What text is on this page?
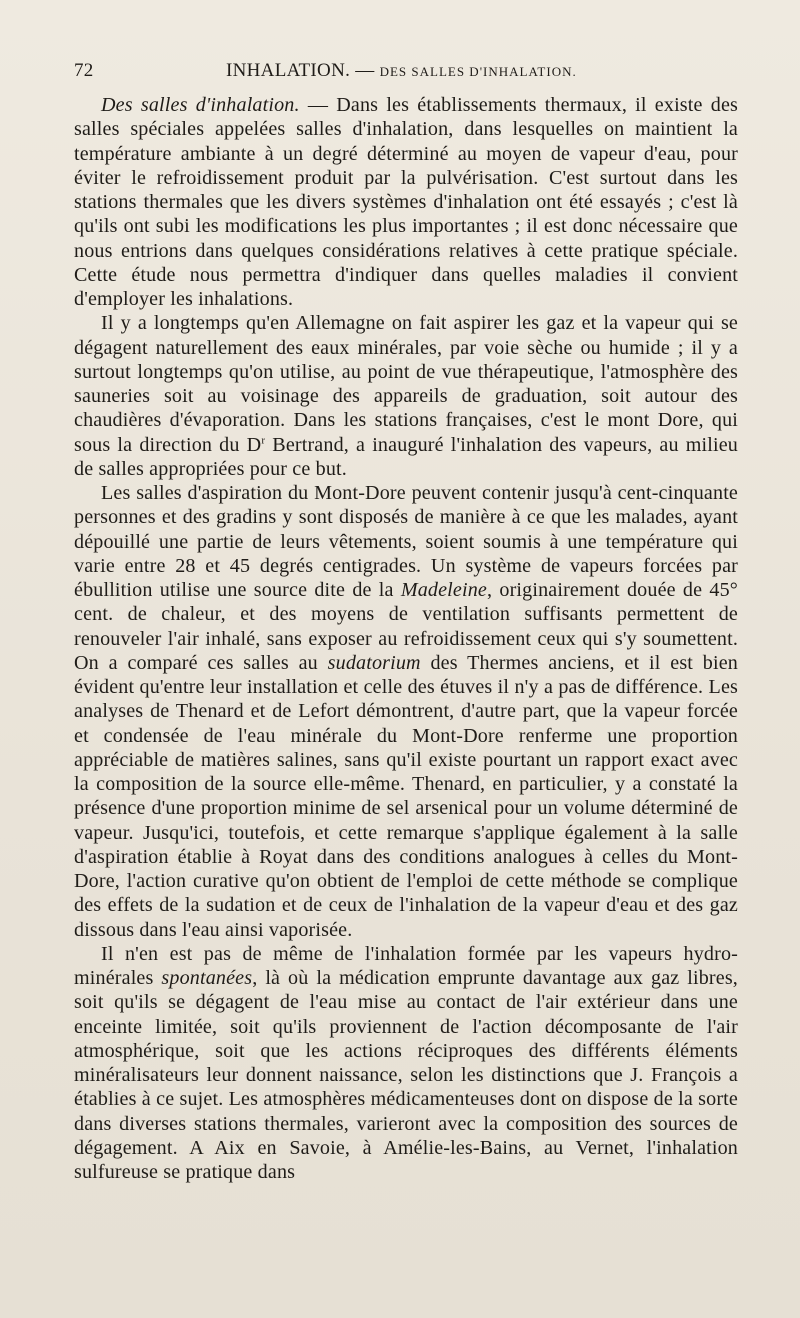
72	INHALATION. — DES SALLES D'INHALATION.

Des salles d'inhalation. — Dans les établissements thermaux, il existe des salles spéciales appelées salles d'inhalation, dans lesquelles on maintient la température ambiante à un degré déterminé au moyen de vapeur d'eau, pour éviter le refroidissement produit par la pulvérisation. C'est surtout dans les stations thermales que les divers systèmes d'inhalation ont été essayés ; c'est là qu'ils ont subi les modifications les plus importantes ; il est donc nécessaire que nous entrions dans quelques considérations relatives à cette pratique spéciale. Cette étude nous permettra d'indiquer dans quelles maladies il convient d'employer les inhalations.

Il y a longtemps qu'en Allemagne on fait aspirer les gaz et la vapeur qui se dégagent naturellement des eaux minérales, par voie sèche ou humide ; il y a surtout longtemps qu'on utilise, au point de vue thérapeutique, l'atmosphère des sauneries soit au voisinage des appareils de graduation, soit autour des chaudières d'évaporation. Dans les stations françaises, c'est le mont Dore, qui sous la direction du $D^r$ Bertrand, a inauguré l'inhalation des vapeurs, au milieu de salles appropriées pour ce but.

Les salles d'aspiration du Mont-Dore peuvent contenir jusqu'à cent-cinquante personnes et des gradins y sont disposés de manière à ce que les malades, ayant dépouillé une partie de leurs vêtements, soient soumis à une température qui varie entre 28 et 45 degrés centigrades. Un système de vapeurs forcées par ébullition utilise une source dite de la Madeleine, originairement douée de 45° cent. de chaleur, et des moyens de ventilation suffisants permettent de renouveler l'air inhalé, sans exposer au refroidissement ceux qui s'y soumettent. On a comparé ces salles au sudatorium des Thermes anciens, et il est bien évident qu'entre leur installation et celle des étuves il n'y a pas de différence. Les analyses de Thenard et de Lefort démontrent, d'autre part, que la vapeur forcée et condensée de l'eau minérale du Mont-Dore renferme une proportion appréciable de matières salines, sans qu'il existe pourtant un rapport exact avec la composition de la source elle-même. Thenard, en particulier, y a constaté la présence d'une proportion minime de sel arsenical pour un volume déterminé de vapeur. Jusqu'ici, toutefois, et cette remarque s'applique également à la salle d'aspiration établie à Royat dans des conditions analogues à celles du Mont-Dore, l'action curative qu'on obtient de l'emploi de cette méthode se complique des effets de la sudation et de ceux de l'inhalation de la vapeur d'eau et des gaz dissous dans l'eau ainsi vaporisée.

Il n'en est pas de même de l'inhalation formée par les vapeurs hydro-minérales spontanées, là où la médication emprunte davantage aux gaz libres, soit qu'ils se dégagent de l'eau mise au contact de l'air extérieur dans une enceinte limitée, soit qu'ils proviennent de l'action décomposante de l'air atmosphérique, soit que les actions réciproques des différents éléments minéralisateurs leur donnent naissance, selon les distinctions que J. François a établies à ce sujet. Les atmosphères médicamenteuses dont on dispose de la sorte dans diverses stations thermales, varieront avec la composition des sources de dégagement. A Aix en Savoie, à Amélie-les-Bains, au Vernet, l'inhalation sulfureuse se pratique dans
